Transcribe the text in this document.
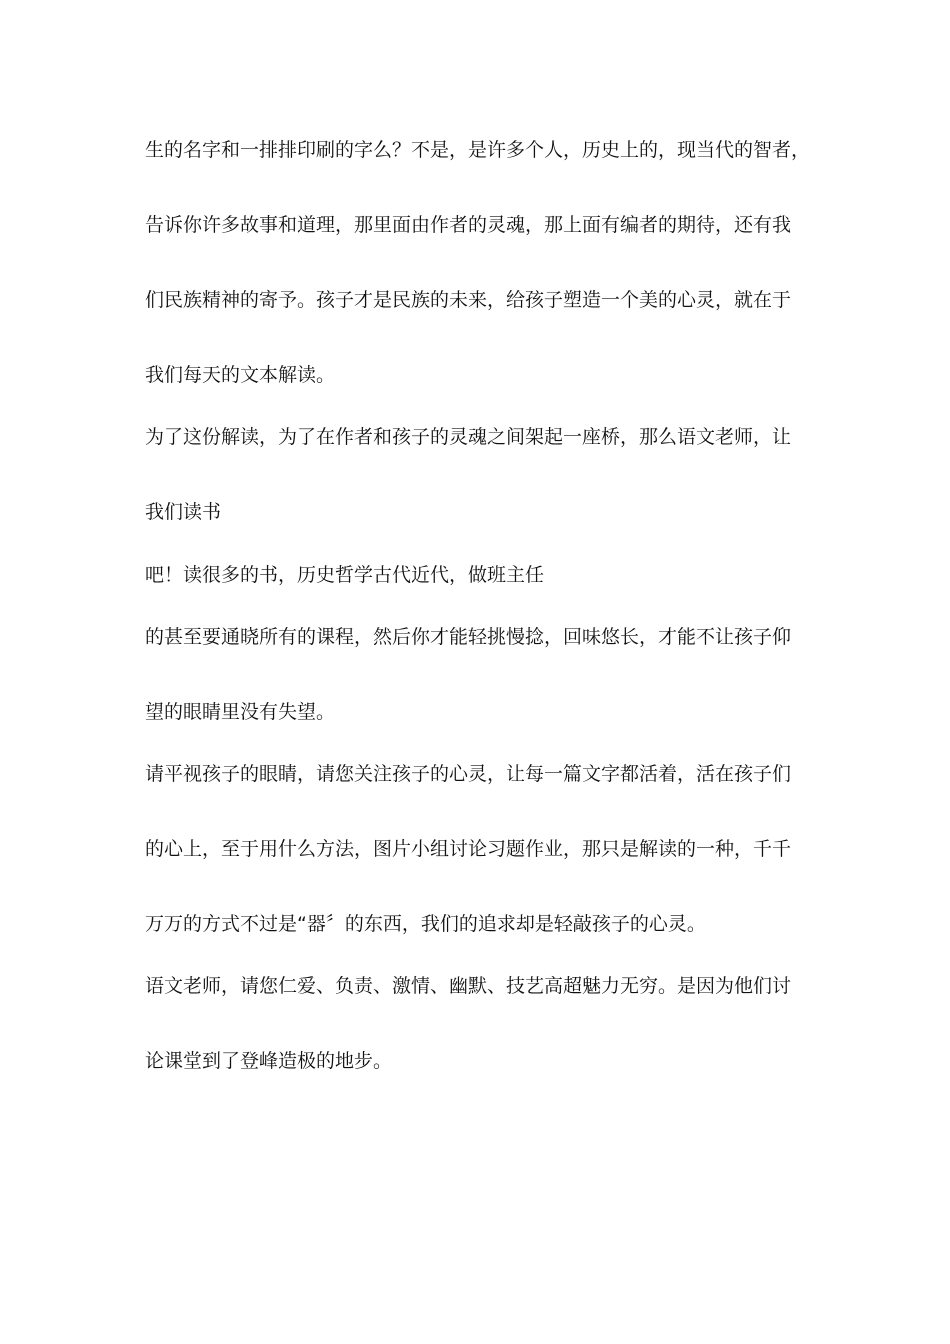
生的名字和一排排印刷的字么？不是，是许多个人，历史上的，现当代的智者，
告诉你许多故事和道理，那里面由作者的灵魂，那上面有编者的期待，还有我
们民族精神的寄予。孩子才是民族的未来，给孩子塑造一个美的心灵，就在于
我们每天的文本解读。
为了这份解读，为了在作者和孩子的灵魂之间架起一座桥，那么语文老师，让
我们读书
吧！读很多的书，历史哲学古代近代，做班主任
的甚至要通晓所有的课程，然后你才能轻挑慢捻，回味悠长，才能不让孩子仰
望的眼睛里没有失望。
请平视孩子的眼睛，请您关注孩子的心灵，让每一篇文字都活着，活在孩子们
的心上，至于用什么方法，图片小组讨论习题作业，那只是解读的一种，千千
万万的方式不过是“器〞的东西，我们的追求却是轻敲孩子的心灵。
语文老师，请您仁爱、负责、激情、幽默、技艺高超魅力无穷。是因为他们讨
论课堂到了登峰造极的地步。
